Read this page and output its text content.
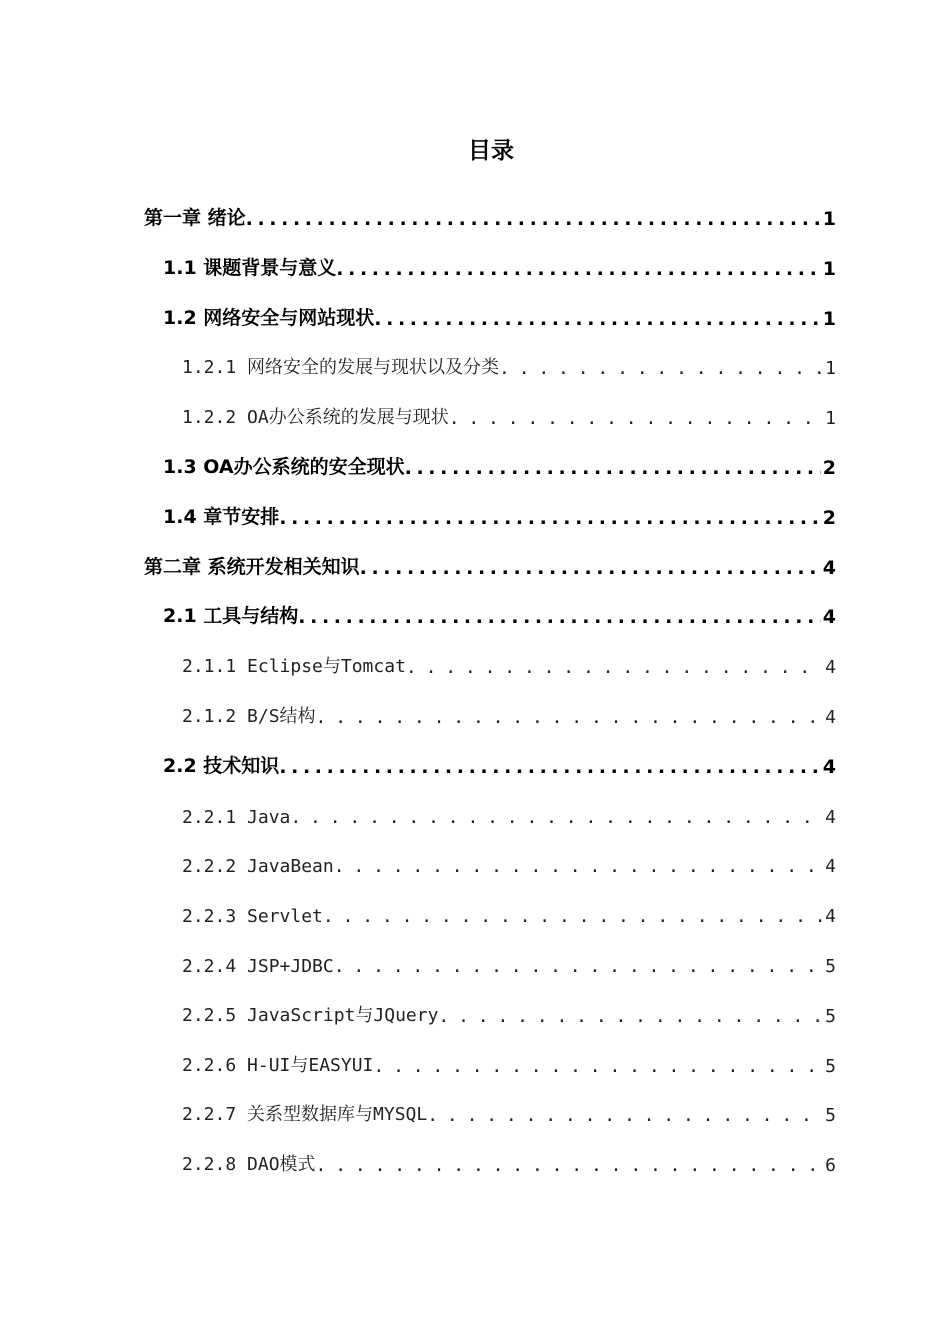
目录
第一章 绪论 . . .	1
1.1 课题背景与意义 . . .	1
1.2 网络安全与网站现状 . . .	1
1.2.1 网络安全的发展与现状以及分类 . . .	1
1.2.2 OA办公系统的发展与现状 . . .	1
1.3 OA办公系统的安全现状 . . .	2
1.4 章节安排 . . .	2
第二章 系统开发相关知识 . . .	4
2.1 工具与结构 . . .	4
2.1.1 Eclipse与Tomcat . . .	4
2.1.2 B/S结构 . . .	4
2.2 技术知识 . . .	4
2.2.1 Java . . .	4
2.2.2 JavaBean . . .	4
2.2.3 Servlet . . .	4
2.2.4 JSP+JDBC . . .	5
2.2.5 JavaScript与JQuery . . .	5
2.2.6 H-UI与EASYUI . . .	5
2.2.7 关系型数据库与MYSQL . . .	5
2.2.8 DAO模式 . . .	6
